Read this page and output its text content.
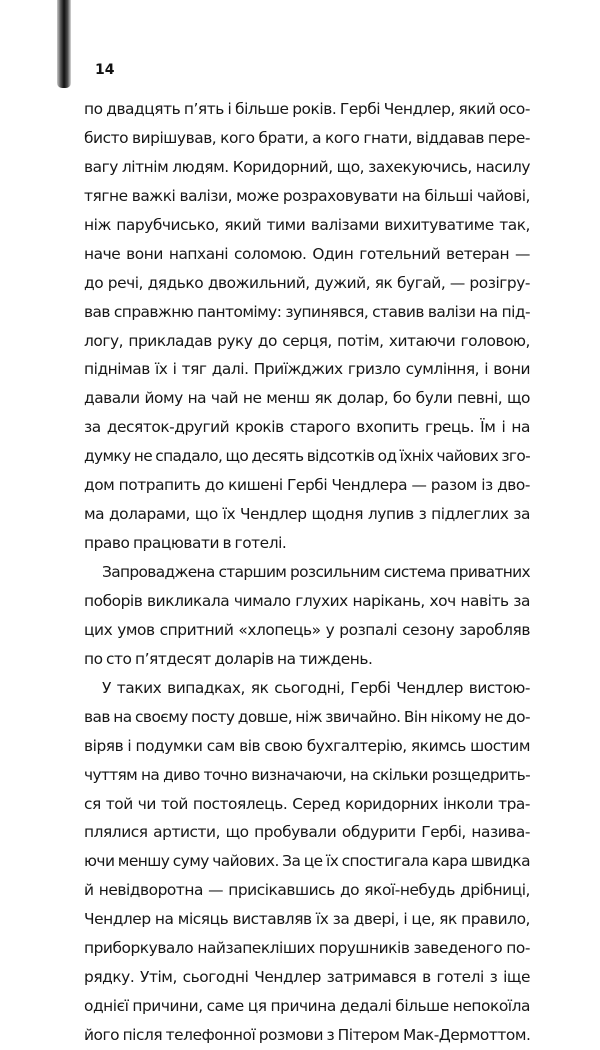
14
по двадцять п’ять і більше років. Гербі Чендлер, який осо-
бисто вирішував, кого брати, а кого гнати, віддавав пере-
вагу літнім людям. Коридорний, що, захекуючись, насилу
тягне важкі валізи, може розраховувати на більші чайові,
ніж парубчисько, який тими валізами вихитуватиме так,
наче вони напхані соломою. Один готельний ветеран —
до речі, дядько двожильний, дужий, як бугай, — розігру-
вав справжню пантоміму: зупинявся, ставив валізи на під-
логу, прикладав руку до серця, потім, хитаючи головою,
піднімав їх і тяг далі. Приїжджих гризло сумління, і вони
давали йому на чай не менш як долар, бо були певні, що
за десяток-другий кроків старого вхопить грець. Їм і на
думку не спадало, що десять відсотків од їхніх чайових зго-
дом потрапить до кишені Гербі Чендлера — разом із дво-
ма доларами, що їх Чендлер щодня лупив з підлеглих за
право працювати в готелі.
Запроваджена старшим розсильним система приватних
поборів викликала чимало глухих нарікань, хоч навіть за
цих умов спритний «хлопець» у розпалі сезону заробляв
по сто п’ятдесят доларів на тиждень.
У таких випадках, як сьогодні, Гербі Чендлер вистою-
вав на своєму посту довше, ніж звичайно. Він нікому не до-
віряв і подумки сам вів свою бухгалтерію, якимсь шостим
чуттям на диво точно визначаючи, на скільки розщедрить-
ся той чи той постоялець. Серед коридорних інколи тра-
плялися артисти, що пробували обдурити Гербі, називa-
ючи меншу суму чайових. За це їх спостигала кара швидка
й невідворотна — присікавшись до якої-небудь дрібниці,
Чендлер на місяць виставляв їх за двері, і це, як правило,
приборкувало найзапекліших порушників заведеного по-
рядку. Утім, сьогодні Чендлер затримався в готелі з іще
однієї причини, саме ця причина дедалі більше непокоїла
його після телефонної розмови з Пітером Мак-Дермоттом.
